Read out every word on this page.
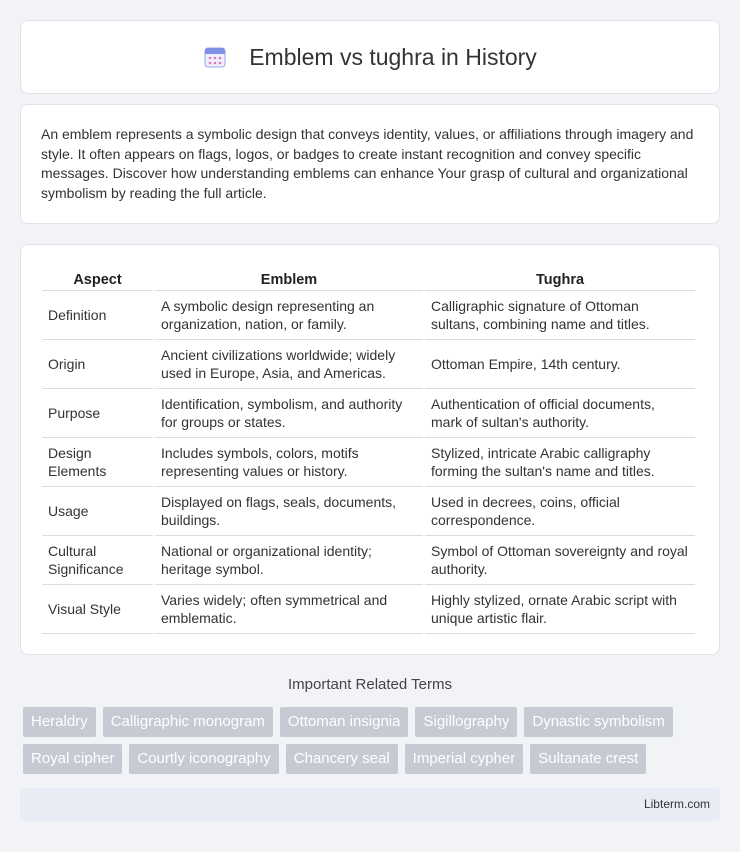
Emblem vs tughra in History

An emblem represents a symbolic design that conveys identity, values, or affiliations through imagery and style. It often appears on flags, logos, or badges to create instant recognition and convey specific messages. Discover how understanding emblems can enhance Your grasp of cultural and organizational symbolism by reading the full article.

Aspect	Emblem	Tughra
Definition	A symbolic design representing an organization, nation, or family.	Calligraphic signature of Ottoman sultans, combining name and titles.
Origin	Ancient civilizations worldwide; widely used in Europe, Asia, and Americas.	Ottoman Empire, 14th century.
Purpose	Identification, symbolism, and authority for groups or states.	Authentication of official documents, mark of sultan's authority.
Design Elements	Includes symbols, colors, motifs representing values or history.	Stylized, intricate Arabic calligraphy forming the sultan's name and titles.
Usage	Displayed on flags, seals, documents, buildings.	Used in decrees, coins, official correspondence.
Cultural Significance	National or organizational identity; heritage symbol.	Symbol of Ottoman sovereignty and royal authority.
Visual Style	Varies widely; often symmetrical and emblematic.	Highly stylized, ornate Arabic script with unique artistic flair.
Important Related Terms
Heraldry	Calligraphic monogram	Ottoman insignia	Sigillography	Dynastic symbolism
Royal cipher	Courtly iconography	Chancery seal	Imperial cypher	Sultanate crest
Libterm.com
